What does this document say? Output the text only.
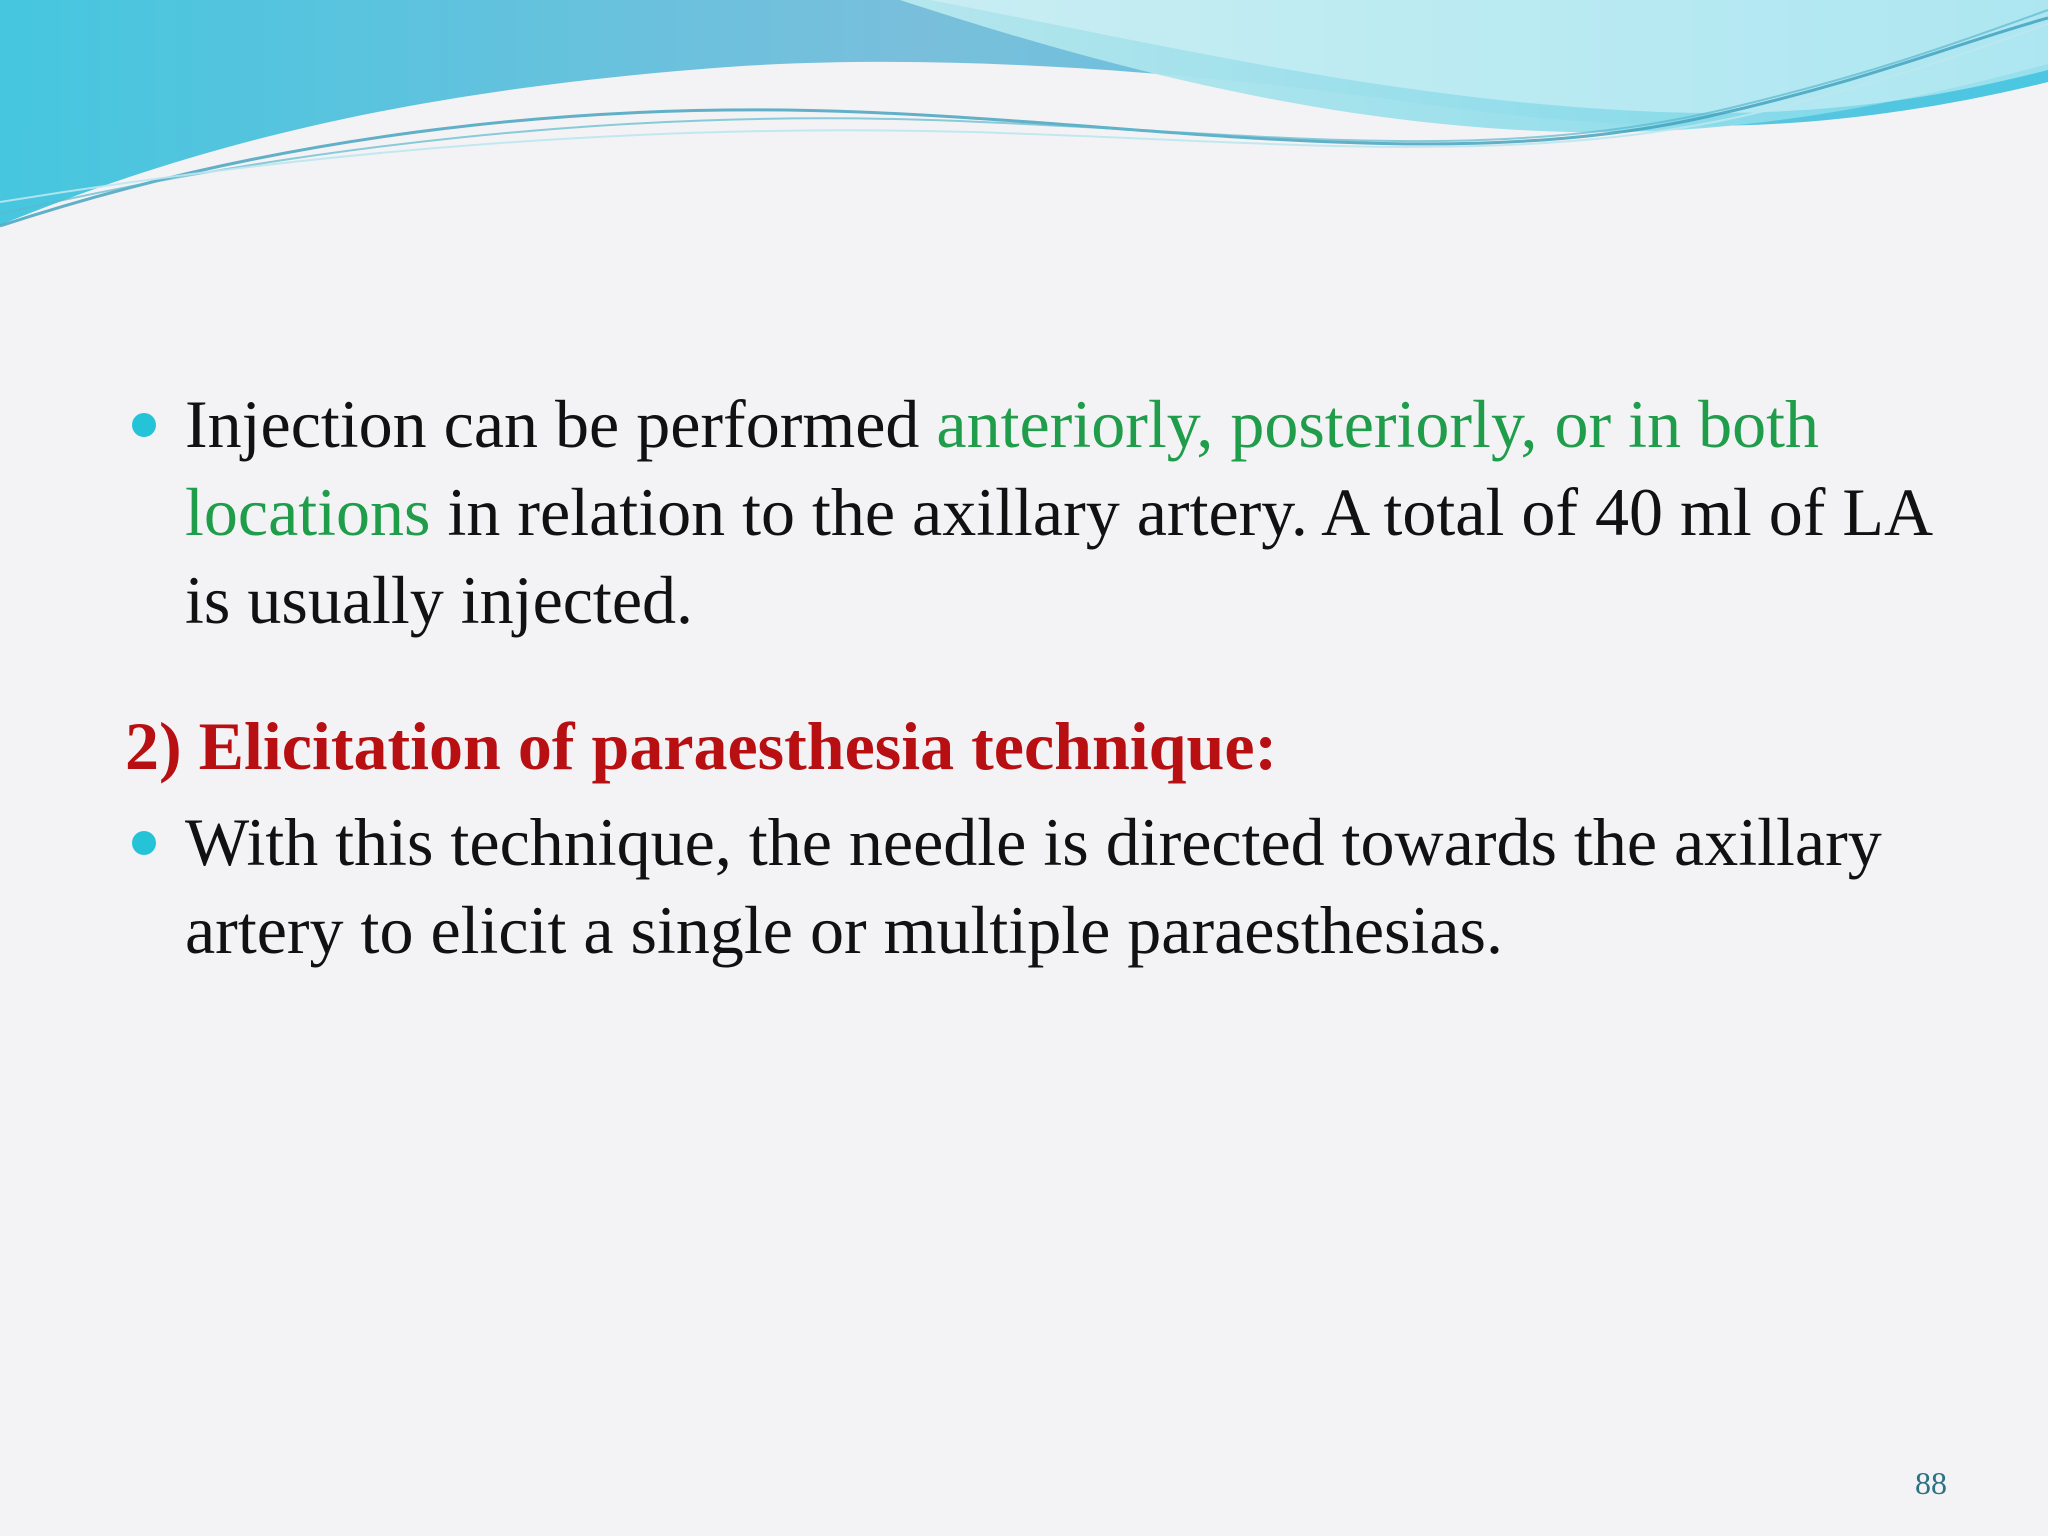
Injection can be performed anteriorly, posteriorly, or in both locations in relation to the axillary artery. A total of 40 ml of LA is usually injected.
2) Elicitation of paraesthesia technique:
With this technique, the needle is directed towards the axillary artery to elicit a single or multiple paraesthesias.
88
